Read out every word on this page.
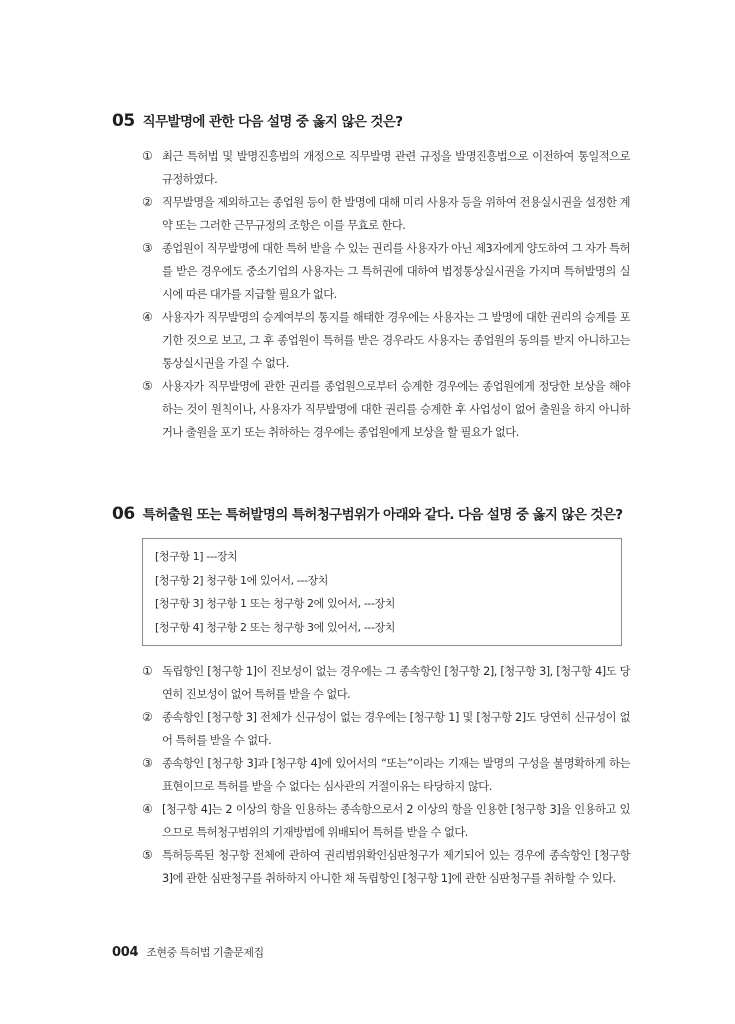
05 직무발명에 관한 다음 설명 중 옳지 않은 것은?
① 최근 특허법 및 발명진흥법의 개정으로 직무발명 관련 규정을 발명진흥법으로 이전하여 통일적으로 규정하였다.
② 직무발명을 제외하고는 종업원 등이 한 발명에 대해 미리 사용자 등을 위하여 전용실시권을 설정한 계약 또는 그러한 근무규정의 조항은 이를 무효로 한다.
③ 종업원이 직무발명에 대한 특허 받을 수 있는 권리를 사용자가 아닌 제3자에게 양도하여 그 자가 특허를 받은 경우에도 중소기업의 사용자는 그 특허권에 대하여 법정통상실시권을 가지며 특허발명의 실시에 따른 대가를 지급할 필요가 없다.
④ 사용자가 직무발명의 승계여부의 통지를 해태한 경우에는 사용자는 그 발명에 대한 권리의 승계를 포기한 것으로 보고, 그 후 종업원이 특허를 받은 경우라도 사용자는 종업원의 동의를 받지 아니하고는 통상실시권을 가질 수 없다.
⑤ 사용자가 직무발명에 관한 권리를 종업원으로부터 승계한 경우에는 종업원에게 정당한 보상을 해야하는 것이 원칙이나, 사용자가 직무발명에 대한 권리를 승계한 후 사업성이 없어 출원을 하지 아니하거나 출원을 포기 또는 취하하는 경우에는 종업원에게 보상을 할 필요가 없다.
06 특허출원 또는 특허발명의 특허청구범위가 아래와 같다. 다음 설명 중 옳지 않은 것은?
[청구항 1] ---장치
[청구항 2] 청구항 1에 있어서, ---장치
[청구항 3] 청구항 1 또는 청구항 2에 있어서, ---장치
[청구항 4] 청구항 2 또는 청구항 3에 있어서, ---장치
① 독립항인 [청구항 1]이 진보성이 없는 경우에는 그 종속항인 [청구항 2], [청구항 3], [청구항 4]도 당연히 진보성이 없어 특허를 받을 수 없다.
② 종속항인 [청구항 3] 전체가 신규성이 없는 경우에는 [청구항 1] 및 [청구항 2]도 당연히 신규성이 없어 특허를 받을 수 없다.
③ 종속항인 [청구항 3]과 [청구항 4]에 있어서의 “또는”이라는 기재는 발명의 구성을 불명확하게 하는 표현이므로 특허를 받을 수 없다는 심사관의 거절이유는 타당하지 않다.
④ [청구항 4]는 2 이상의 항을 인용하는 종속항으로서 2 이상의 항을 인용한 [청구항 3]을 인용하고 있으므로 특허청구범위의 기재방법에 위배되어 특허를 받을 수 없다.
⑤ 특허등록된 청구항 전체에 관하여 권리범위확인심판청구가 제기되어 있는 경우에 종속항인 [청구항 3]에 관한 심판청구를 취하하지 아니한 채 독립항인 [청구항 1]에 관한 심판청구를 취하할 수 있다.
004 조현중 특허법 기출문제집
